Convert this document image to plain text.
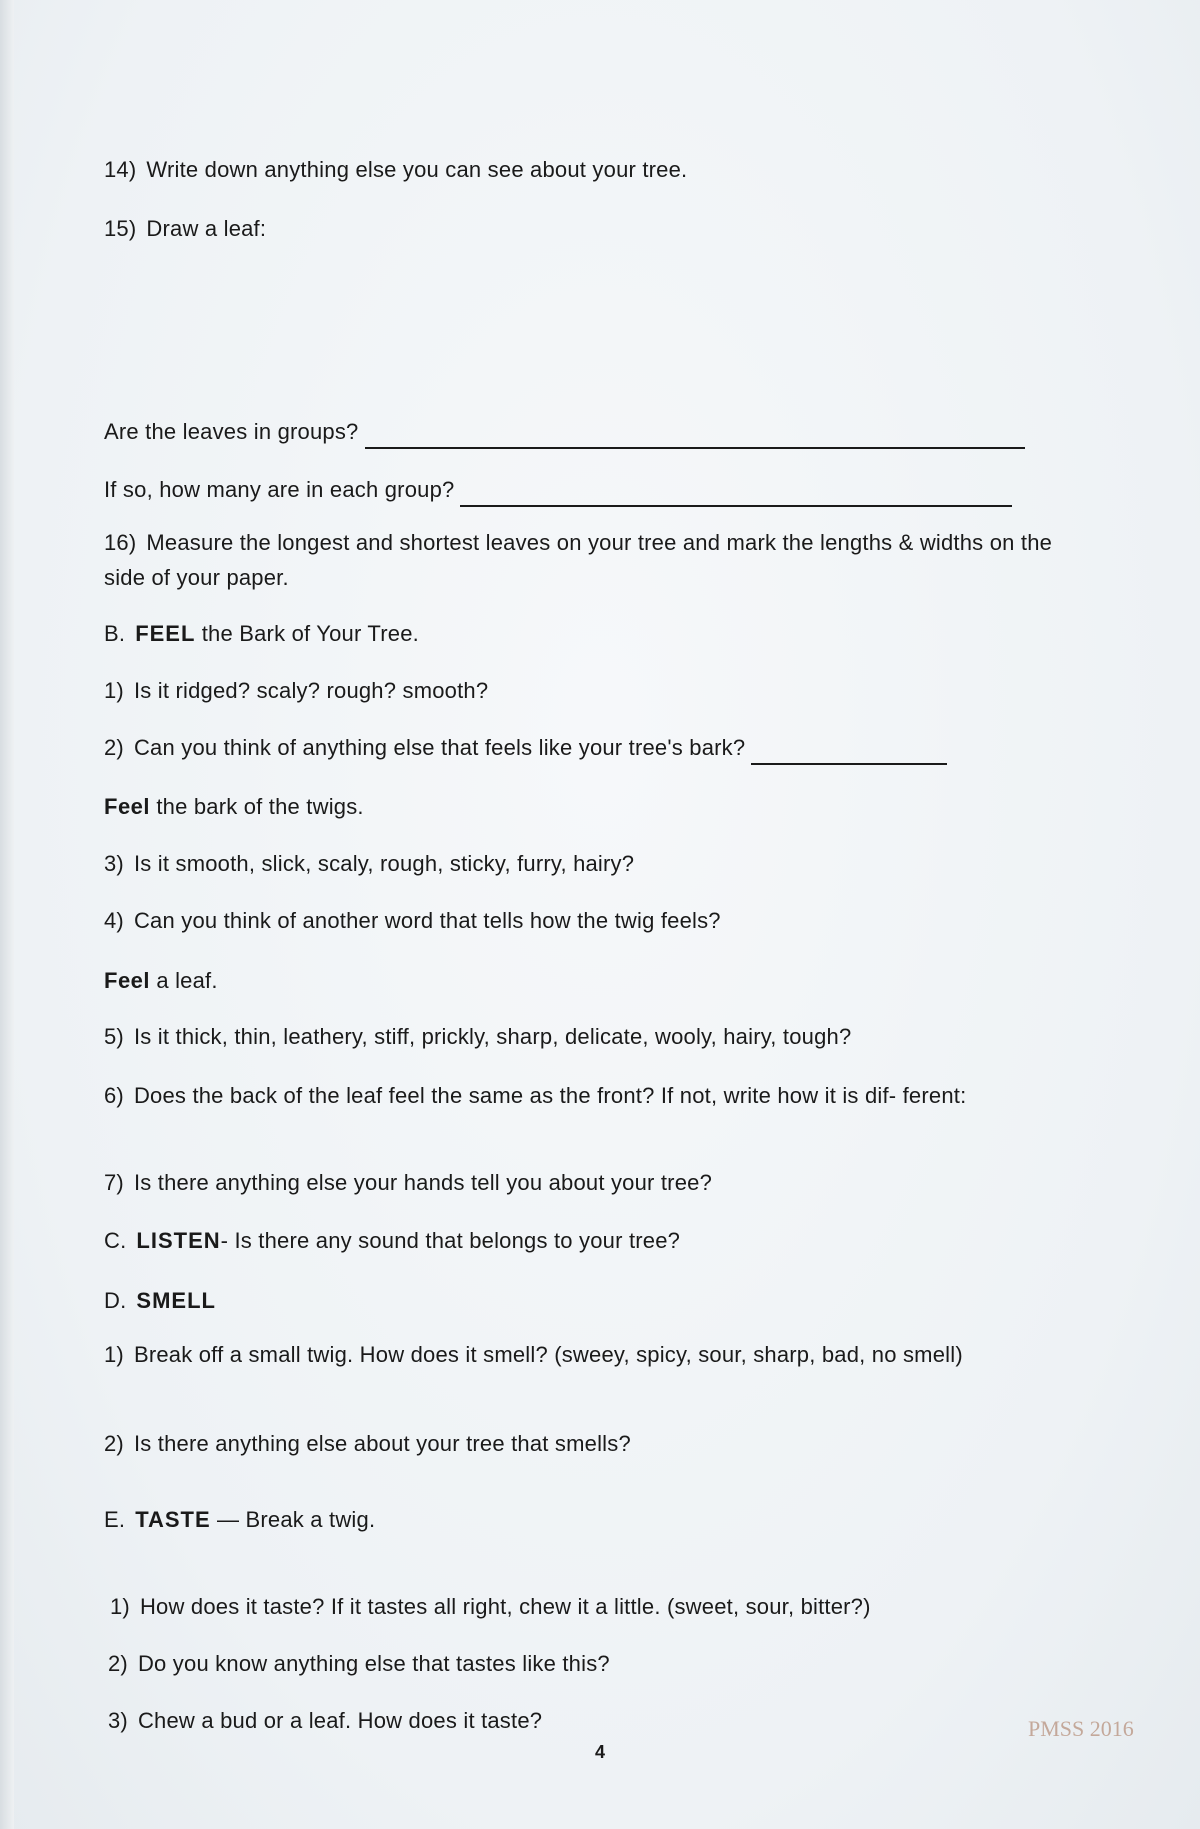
14) Write down anything else you can see about your tree.
15) Draw a leaf:
Are the leaves in groups?
If so, how many are in each group?
16) Measure the longest and shortest leaves on your tree and mark the lengths & widths on the side of your paper.
B. FEEL the Bark of Your Tree.
1) Is it ridged? scaly? rough? smooth?
2) Can you think of anything else that feels like your tree's bark?
Feel the bark of the twigs.
3) Is it smooth, slick, scaly, rough, sticky, furry, hairy?
4) Can you think of another word that tells how the twig feels?
Feel a leaf.
5) Is it thick, thin, leathery, stiff, prickly, sharp, delicate, wooly, hairy, tough?
6) Does the back of the leaf feel the same as the front? If not, write how it is dif- ferent:
7) Is there anything else your hands tell you about your tree?
C. LISTEN- Is there any sound that belongs to your tree?
D. SMELL
1) Break off a small twig. How does it smell? (sweey, spicy, sour, sharp, bad, no smell)
2) Is there anything else about your tree that smells?
E. TASTE — Break a twig.
1) How does it taste? If it tastes all right, chew it a little. (sweet, sour, bitter?)
2) Do you know anything else that tastes like this?
3) Chew a bud or a leaf. How does it taste?
4
PMSS 2016
